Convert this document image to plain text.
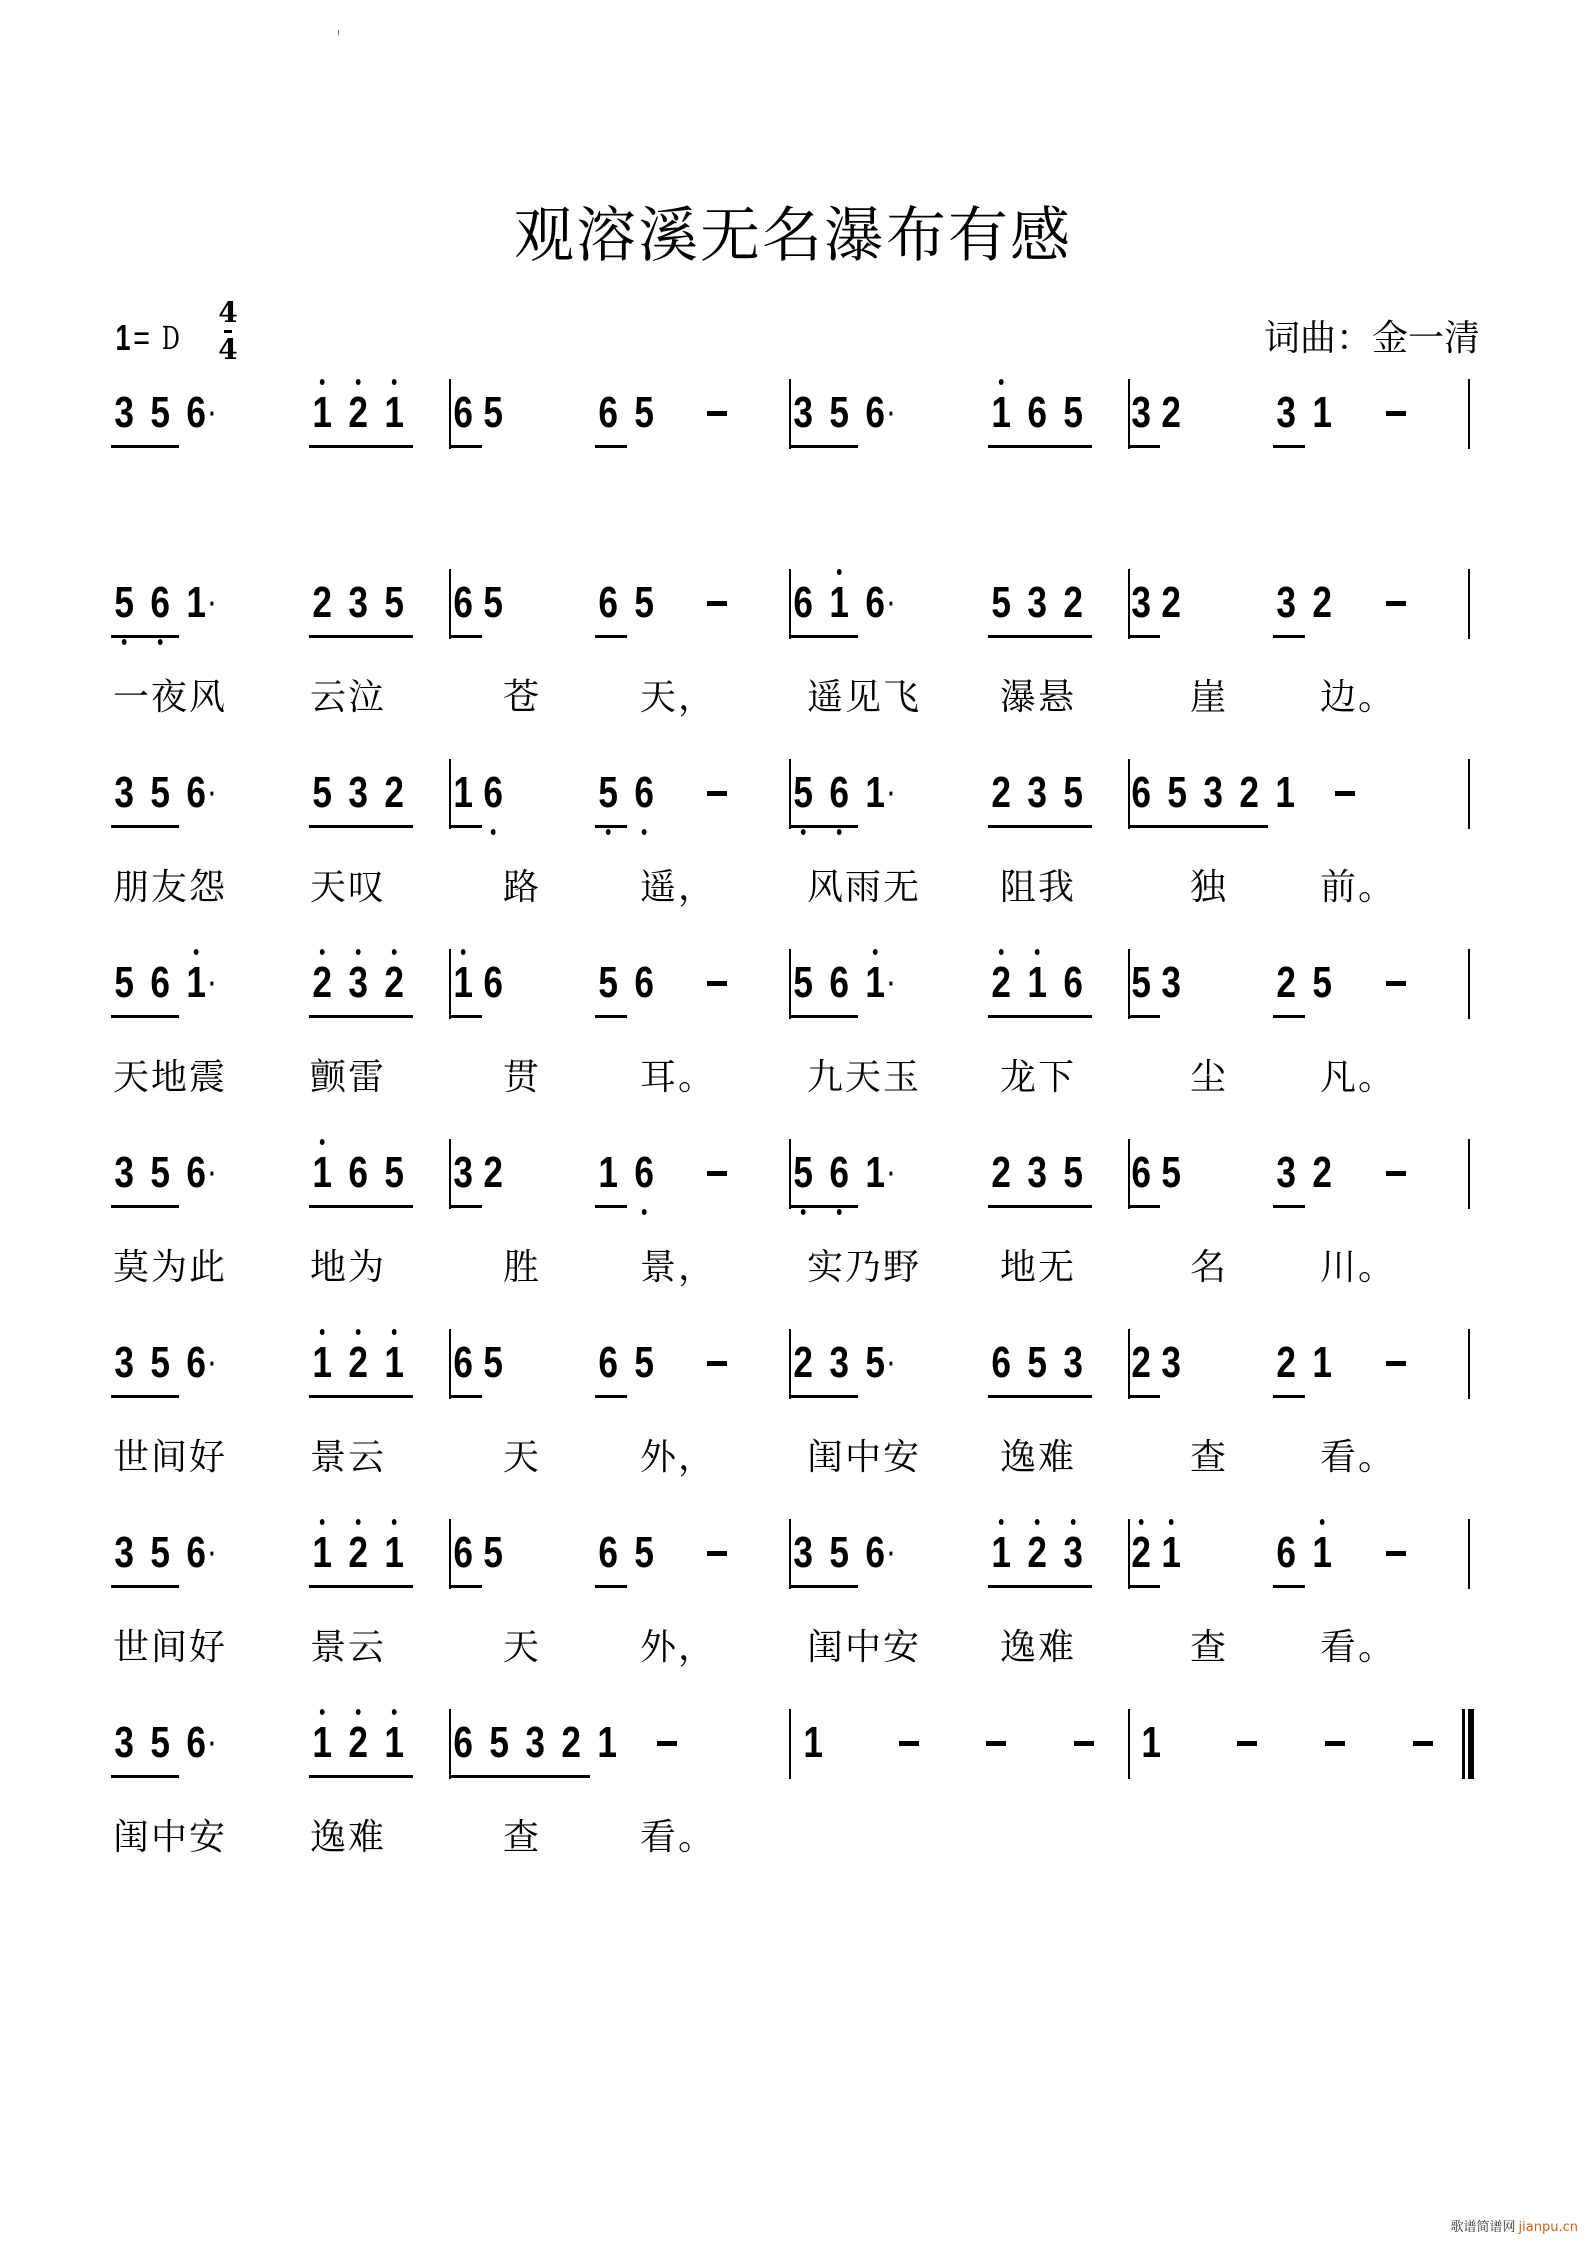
观溶溪无名瀑布有感
1 = D
4
4	词曲：金一清
3 5 6 · 1 2 1 6 5 6 5	3 5 6 · 1 6 5 3 2 3 1
5 6 1 · 2 3 5 6 5 6 5	6 1 6 · 5 3 2 3 2 3 2
一夜风 云泣	苍	天，	遥见飞 瀑悬	崖	边。
3 5 6 · 5 3 2 1 6 5 6	5 6 1 · 2 3 5 6 5 3 2 1
朋友怨 天叹	路	遥，	风雨无 阻我	独	前。
5 6 1 · 2 3 2 1 6 5 6	5 6 1 · 2 1 6 5 3 2 5
天地震 颤雷	贯	耳。	九天玉 龙下	尘	凡。
3 5 6 · 1 6 5 3 2 1 6	5 6 1 · 2 3 5 6 5 3 2
莫为此 地为	胜	景，	实乃野 地无	名	川。
3 5 6 · 1 2 1 6 5 6 5	2 3 5 · 6 5 3 2 3 2 1
世间好 景云	天	外，	闺中安 逸难	查	看。
3 5 6 · 1 2 1 6 5 6 5	3 5 6 · 1 2 3 2 1 6 1
世间好 景云	天	外，	闺中安 逸难	查	看。
3 5 6 · 1 2 1 6 5 3 2 1	1	1
闺中安 逸难	查	看。
歌谱简谱网 jianpu.cn
